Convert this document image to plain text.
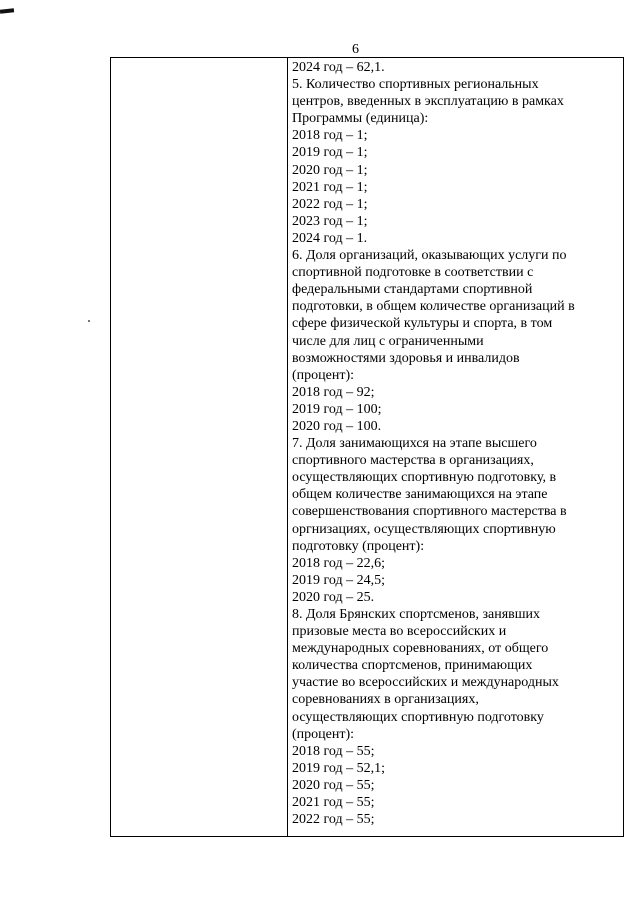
6
2024 год – 62,1.
5. Количество спортивных региональных
центров, введенных в эксплуатацию в рамках
Программы (единица):
2018 год – 1;
2019 год – 1;
2020 год – 1;
2021 год – 1;
2022 год – 1;
2023 год – 1;
2024 год – 1.
6. Доля организаций, оказывающих услуги по
спортивной подготовке в соответствии с
федеральными стандартами спортивной
подготовки, в общем количестве организаций в
сфере физической культуры и спорта, в том
числе для лиц с ограниченными
возможностями здоровья и инвалидов
(процент):
2018 год – 92;
2019 год – 100;
2020 год – 100.
7. Доля занимающихся на этапе высшего
спортивного мастерства в организациях,
осуществляющих спортивную подготовку, в
общем количестве занимающихся на этапе
совершенствования спортивного мастерства в
оргнизациях, осуществляющих спортивную
подготовку (процент):
2018 год – 22,6;
2019 год – 24,5;
2020 год – 25.
8. Доля Брянских спортсменов, занявших
призовые места во всероссийских и
международных соревнованиях, от общего
количества спортсменов, принимающих
участие во всероссийских и международных
соревнованиях в организациях,
осуществляющих спортивную подготовку
(процент):
2018 год – 55;
2019 год – 52,1;
2020 год – 55;
2021 год – 55;
2022 год – 55;
